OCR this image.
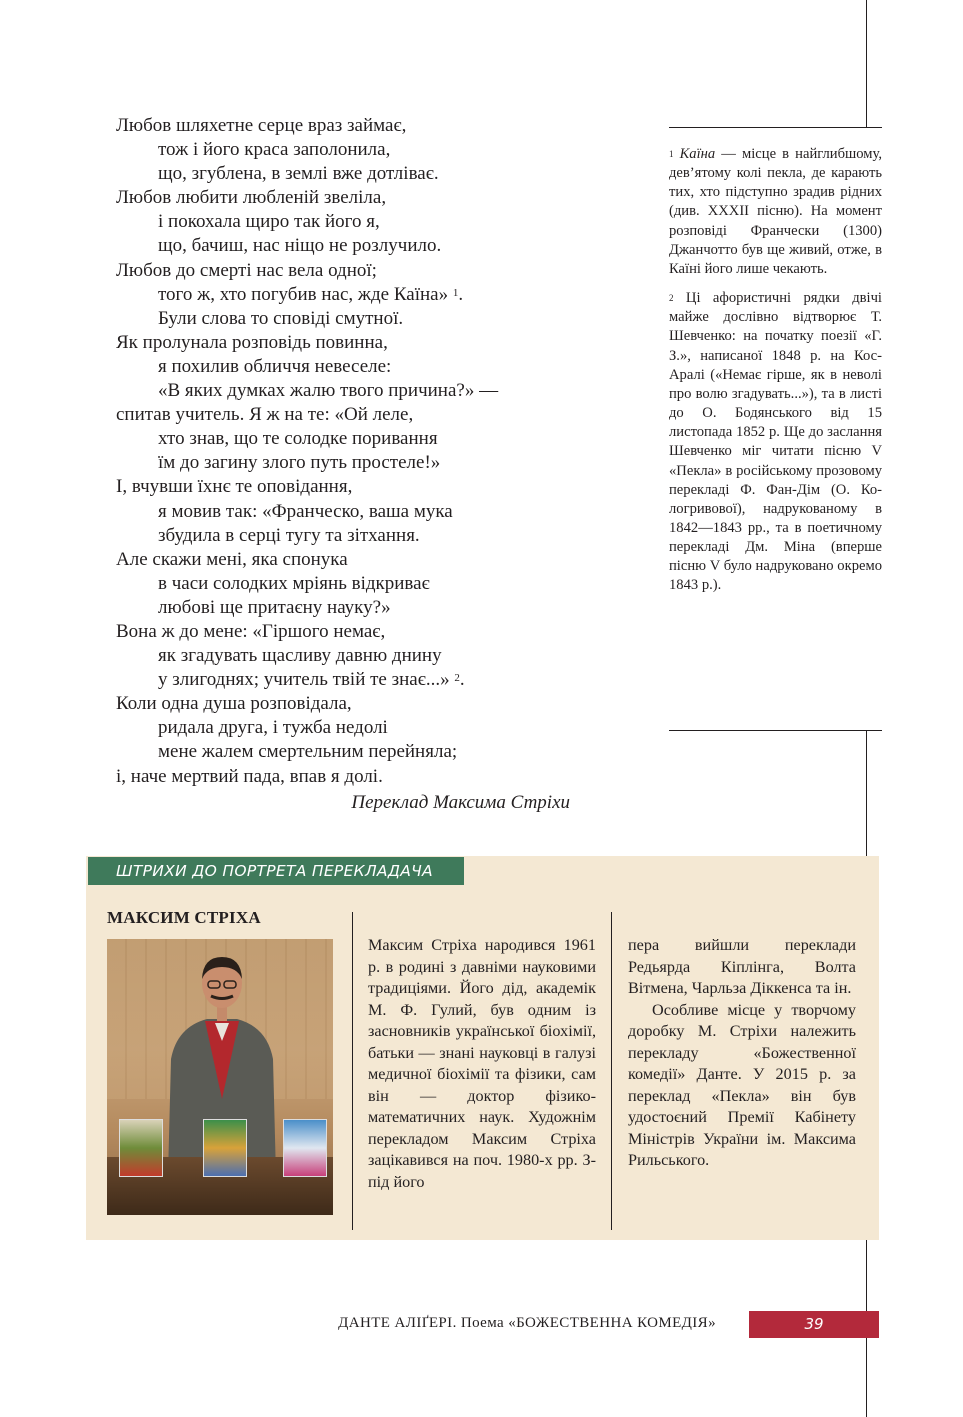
Любов шляхетне серце враз займає,
тож і його краса заполонила,
що, згублена, в землі вже дотліває.
Любов любити любленій звеліла,
і покохала щиро так його я,
що, бачиш, нас ніщо не розлучило.
Любов до смерті нас вела одної;
того ж, хто погубив нас, жде Каїна» $^1$.
Були слова то сповіді смутної.
Як пролунала розповідь повинна,
я похилив обличчя невеселе:
«В яких думках жалю твого причина?» —
спитав учитель. Я ж на те: «Ой леле,
хто знав, що те солодке поривання
їм до загину злого путь простеле!»
І, вчувши їхнє те оповідання,
я мовив так: «Франческо, ваша мука
збудила в серці тугу та зітхання.
Але скажи мені, яка спонука
в часи солодких мріянь відкриває
любові ще притаєну науку?»
Вона ж до мене: «Гіршого немає,
як згадувать щасливу давню днину
у злигоднях; учитель твій те знає...» $^2$.
Коли одна душа розповідала,
ридала друга, і тужба недолі
мене жалем смертельним перейняла;
і, наче мертвий пада, впав я долі.
Переклад Максима Стріхи
$^1$ Каїна — місце в найглибшому, дев’ятому колі пекла, де карають тих, хто підступно зрадив рідних (див. XXXII пісню). На момент розповіді Франчески (1300) Джанчотто був ще живий, отже, в Каїні його лише чекають.
$^2$ Ці афористичні рядки двічі майже дослівно відтворює Т. Шевченко: на початку поезії «Г. З.», написаної 1848 р. на Кос-Аралі («Немає гірше, як в неволі про волю згадувать...»), та в листі до О. Бодянського від 15 листопада 1852 р. Ще до заслання Шевченко міг читати пісню V «Пекла» в російському прозовому перекладі Ф. Фан-Дім (О. Кологривової), надрукованому в 1842—1843 рр., та в поетичному перекладі Дм. Міна (вперше пісню V було надруковано окремо 1843 р.).
ШТРИХИ ДО ПОРТРЕТА ПЕРЕКЛАДАЧА
МАКСИМ СТРІХА

Максим Стріха народився 1961 р. в родині з давніми науковими традиціями. Його дід, академік М. Ф. Гулий, був одним із засновників української біохімії, батьки — знані науковці в галузі медичної біохімії та фізики, сам він — доктор фізико-математичних наук. Художнім перекладом Максим Стріха зацікавився на поч. 1980-х рр. З-під його

пера вийшли переклади Редьярда Кіплінга, Волта Вітмена, Чарльза Діккенса та ін.

Особливе місце у творчому доробку М. Стріхи належить перекладу «Божественної комедії» Данте. У 2015 р. за переклад «Пекла» він був удостоєний Премії Кабінету Міністрів України ім. Максима Рильського.

ДАНТЕ АЛІҐЕРІ. Поема «БОЖЕСТВЕННА КОМЕДІЯ»	39
